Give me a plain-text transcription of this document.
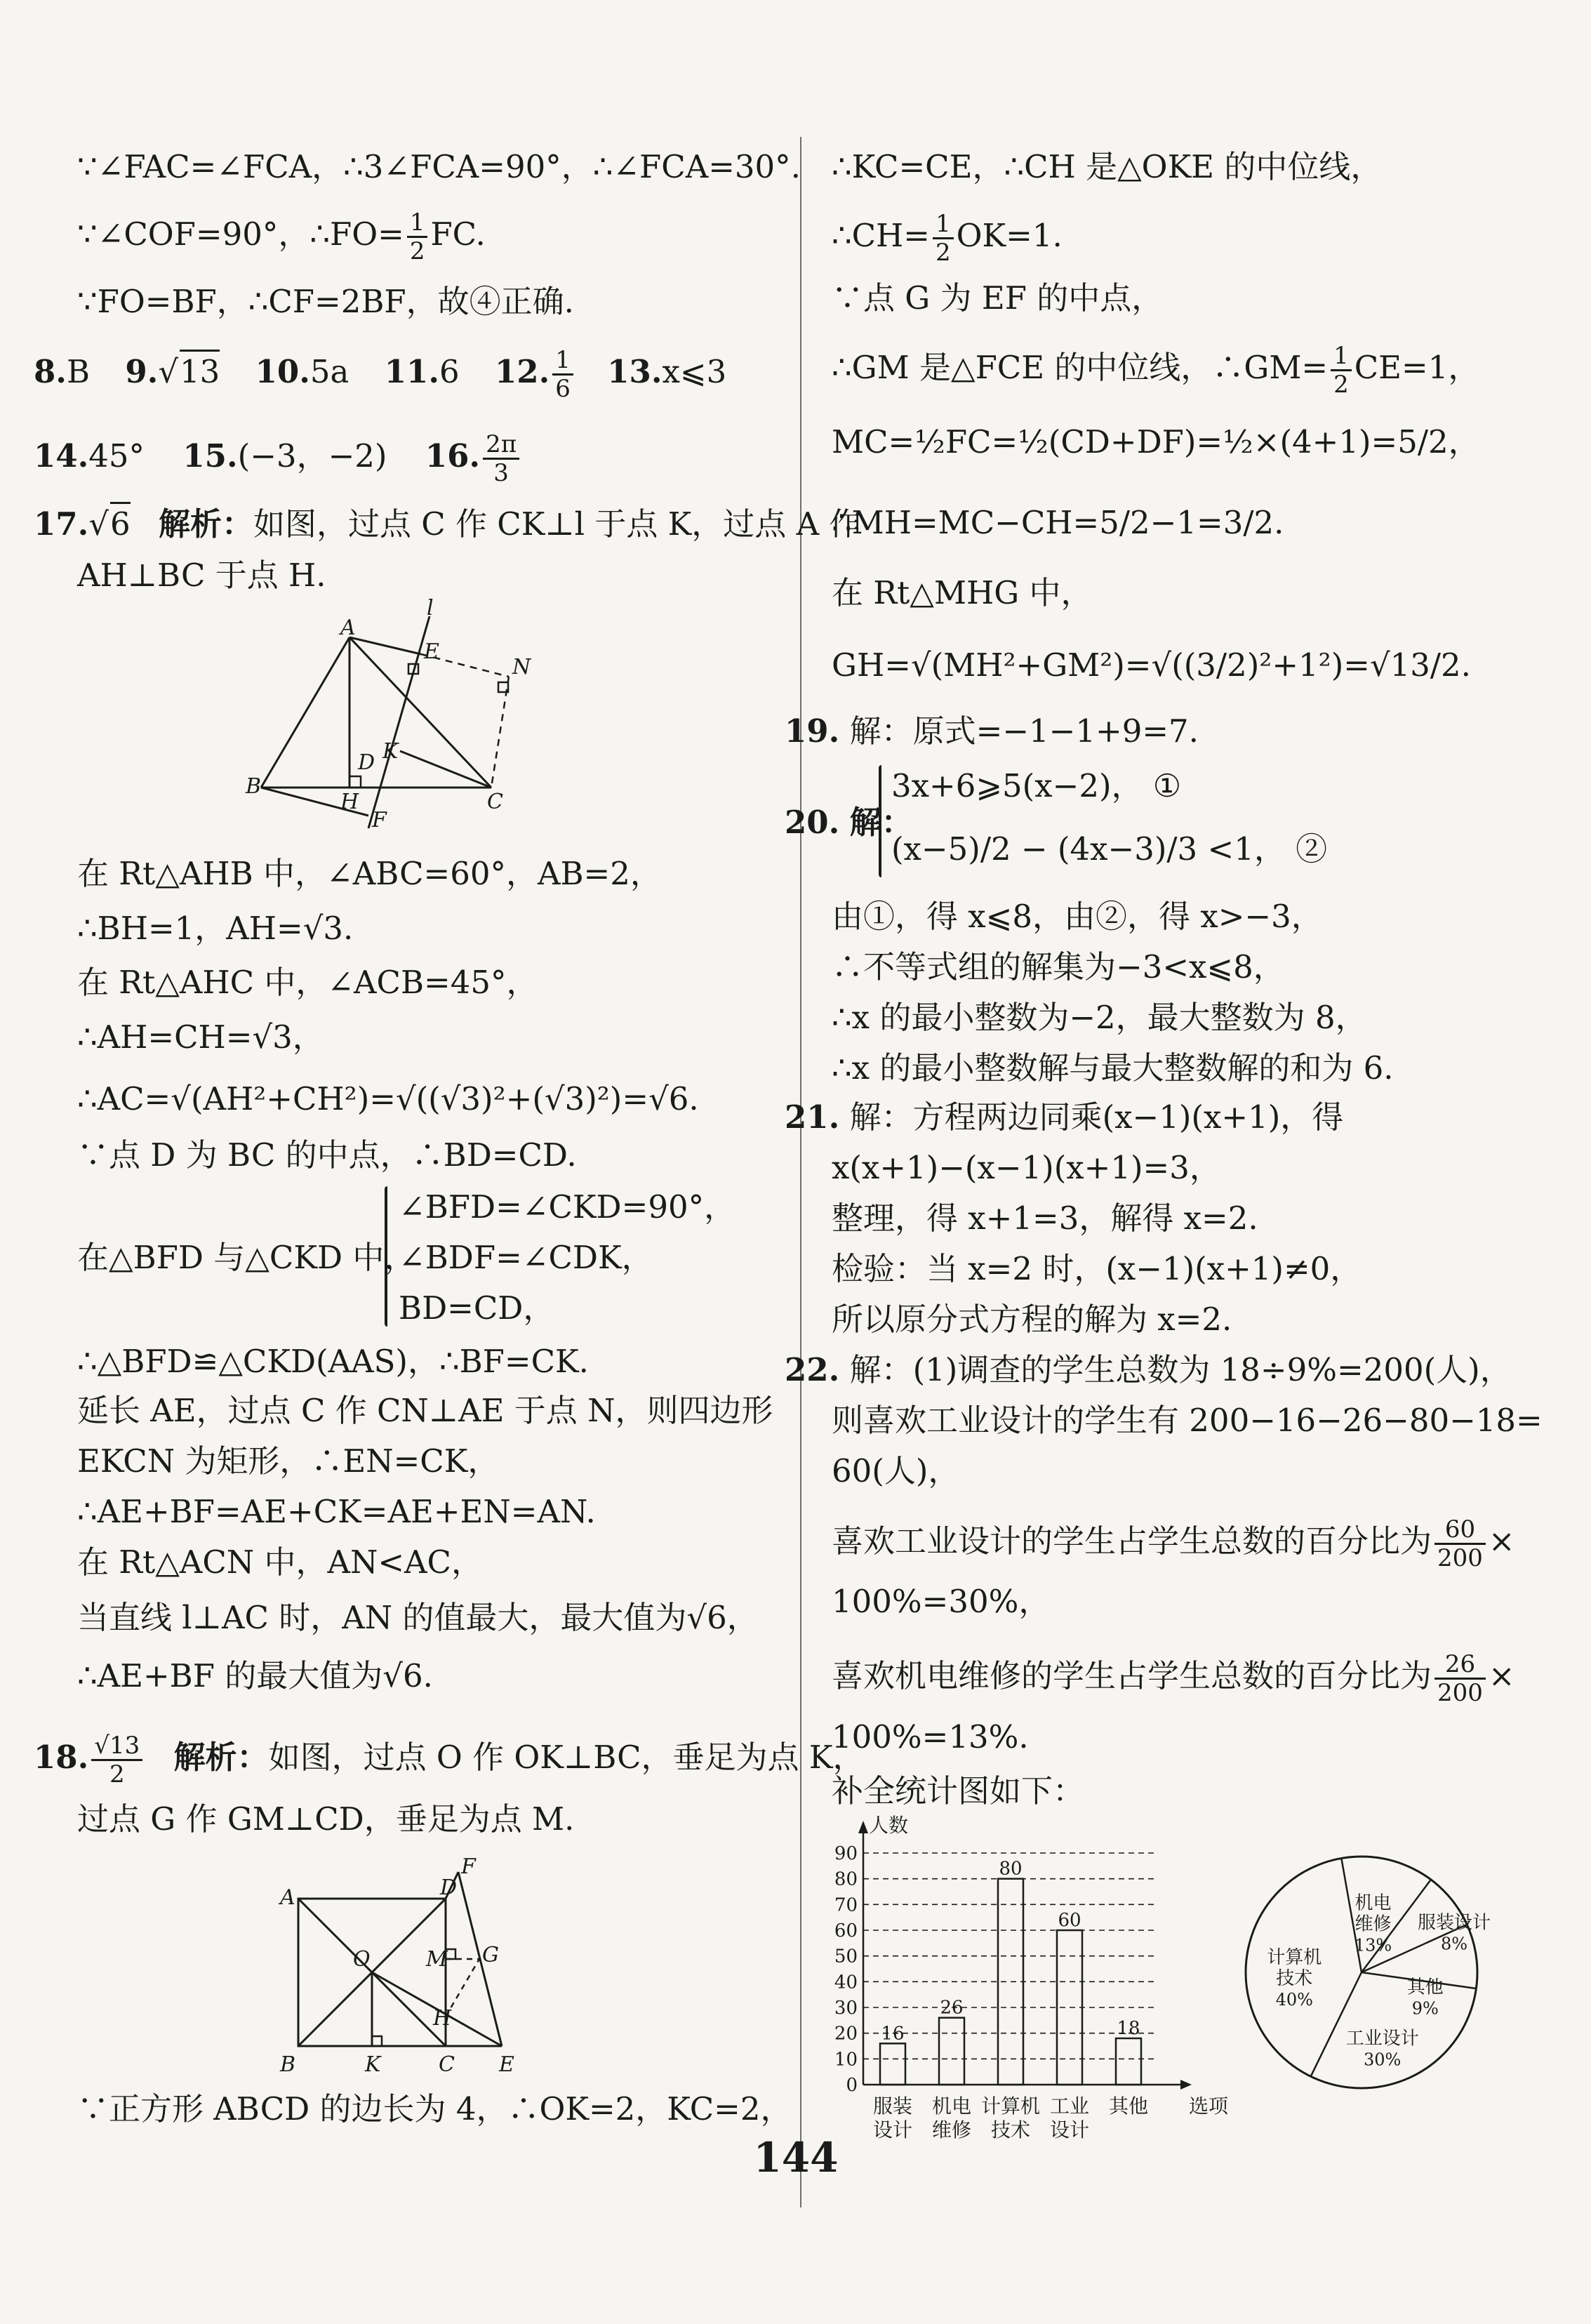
∵∠FAC=∠FCA，∴3∠FCA=90°，∴∠FCA=30°.
∵∠COF=90°，∴FO= $\frac{1}{2}$ FC.
∵FO=BF，∴CF=2BF，故④正确.
8.B 9.√13 10.5a 11.6 12. $\frac{1}{6}$ 13.x⩽3
14.45° 15.(−3，−2) 16. $\frac{2\pi}{3}$
17.√6 解析：如图，过点 C 作 CK⊥l 于点 K，过点 A 作
AH⊥BC 于点 H.
A
B
C
D
E
F
H
K
N
l
在 Rt△AHB 中，∠ABC=60°，AB=2，
∴BH=1，AH=√3.
在 Rt△AHC 中，∠ACB=45°，
∴AH=CH=√3，
∴AC=√(AH²+CH²)=√((√3)²+(√3)²)=√6.
∵点 D 为 BC 的中点，∴BD=CD.
在△BFD 与△CKD 中，
∠BFD=∠CKD=90°，
∠BDF=∠CDK，
BD=CD，
∴△BFD≌△CKD(AAS)，∴BF=CK.
延长 AE，过点 C 作 CN⊥AE 于点 N，则四边形
EKCN 为矩形，∴EN=CK，
∴AE+BF=AE+CK=AE+EN=AN.
在 Rt△ACN 中，AN<AC，
当直线 l⊥AC 时，AN 的值最大，最大值为√6，
∴AE+BF 的最大值为√6.
18. $\frac{√13}{2}$ 解析：如图，过点 O 作 OK⊥BC，垂足为点 K，
过点 G 作 GM⊥CD，垂足为点 M.
A
B	C
D
E
F
G
H
K
M
O
∵正方形 ABCD 的边长为 4，∴OK=2，KC=2，
∴KC=CE，∴CH 是△OKE 的中位线，
∴CH= $\frac{1}{2} OK=1$.
∵点 G 为 EF 的中点，
∴GM 是△FCE 的中位线，∴GM= $\frac{1}{2} CE=1$，
MC=½FC=½(CD+DF)=½×(4+1)=5/2，
∴MH=MC−CH=5/2−1=3/2.
在 Rt△MHG 中，
GH=√(MH²+GM²)=√((3/2)²+1²)=√13/2.
19. 解：原式=−1−1+9=7.
20. 解：
3x+6⩾5(x−2)， ①
(x−5)/2 − (4x−3)/3 <1， ②
由①，得 x⩽8，由②，得 x>−3，
∴不等式组的解集为−3<x⩽8，
∴x 的最小整数为−2，最大整数为 8，
∴x 的最小整数解与最大整数解的和为 6.
21. 解：方程两边同乘(x−1)(x+1)，得
x(x+1)−(x−1)(x+1)=3，
整理，得 x+1=3，解得 x=2.
检验：当 x=2 时，(x−1)(x+1)≠0，
所以原分式方程的解为 x=2.
22. 解：(1)调查的学生总数为 18÷9%=200(人)，
则喜欢工业设计的学生有 200−16−26−80−18=
60(人)，
喜欢工业设计的学生占学生总数的百分比为 $\frac{60}{200}$ ×
100%=30%，
喜欢机电维修的学生占学生总数的百分比为 $\frac{26}{200}$ ×
100%=13%.
补全统计图如下：
人数
0
10
20
30
40
50
60
70
80
90
16
服装
设计
26
机电
维修
80
计算机
技术
60
工业
设计
18
其他 选项
机电
维修
13%
服装设计
8%
其他
9%
工业设计
30%
计算机
技术
40%
144
